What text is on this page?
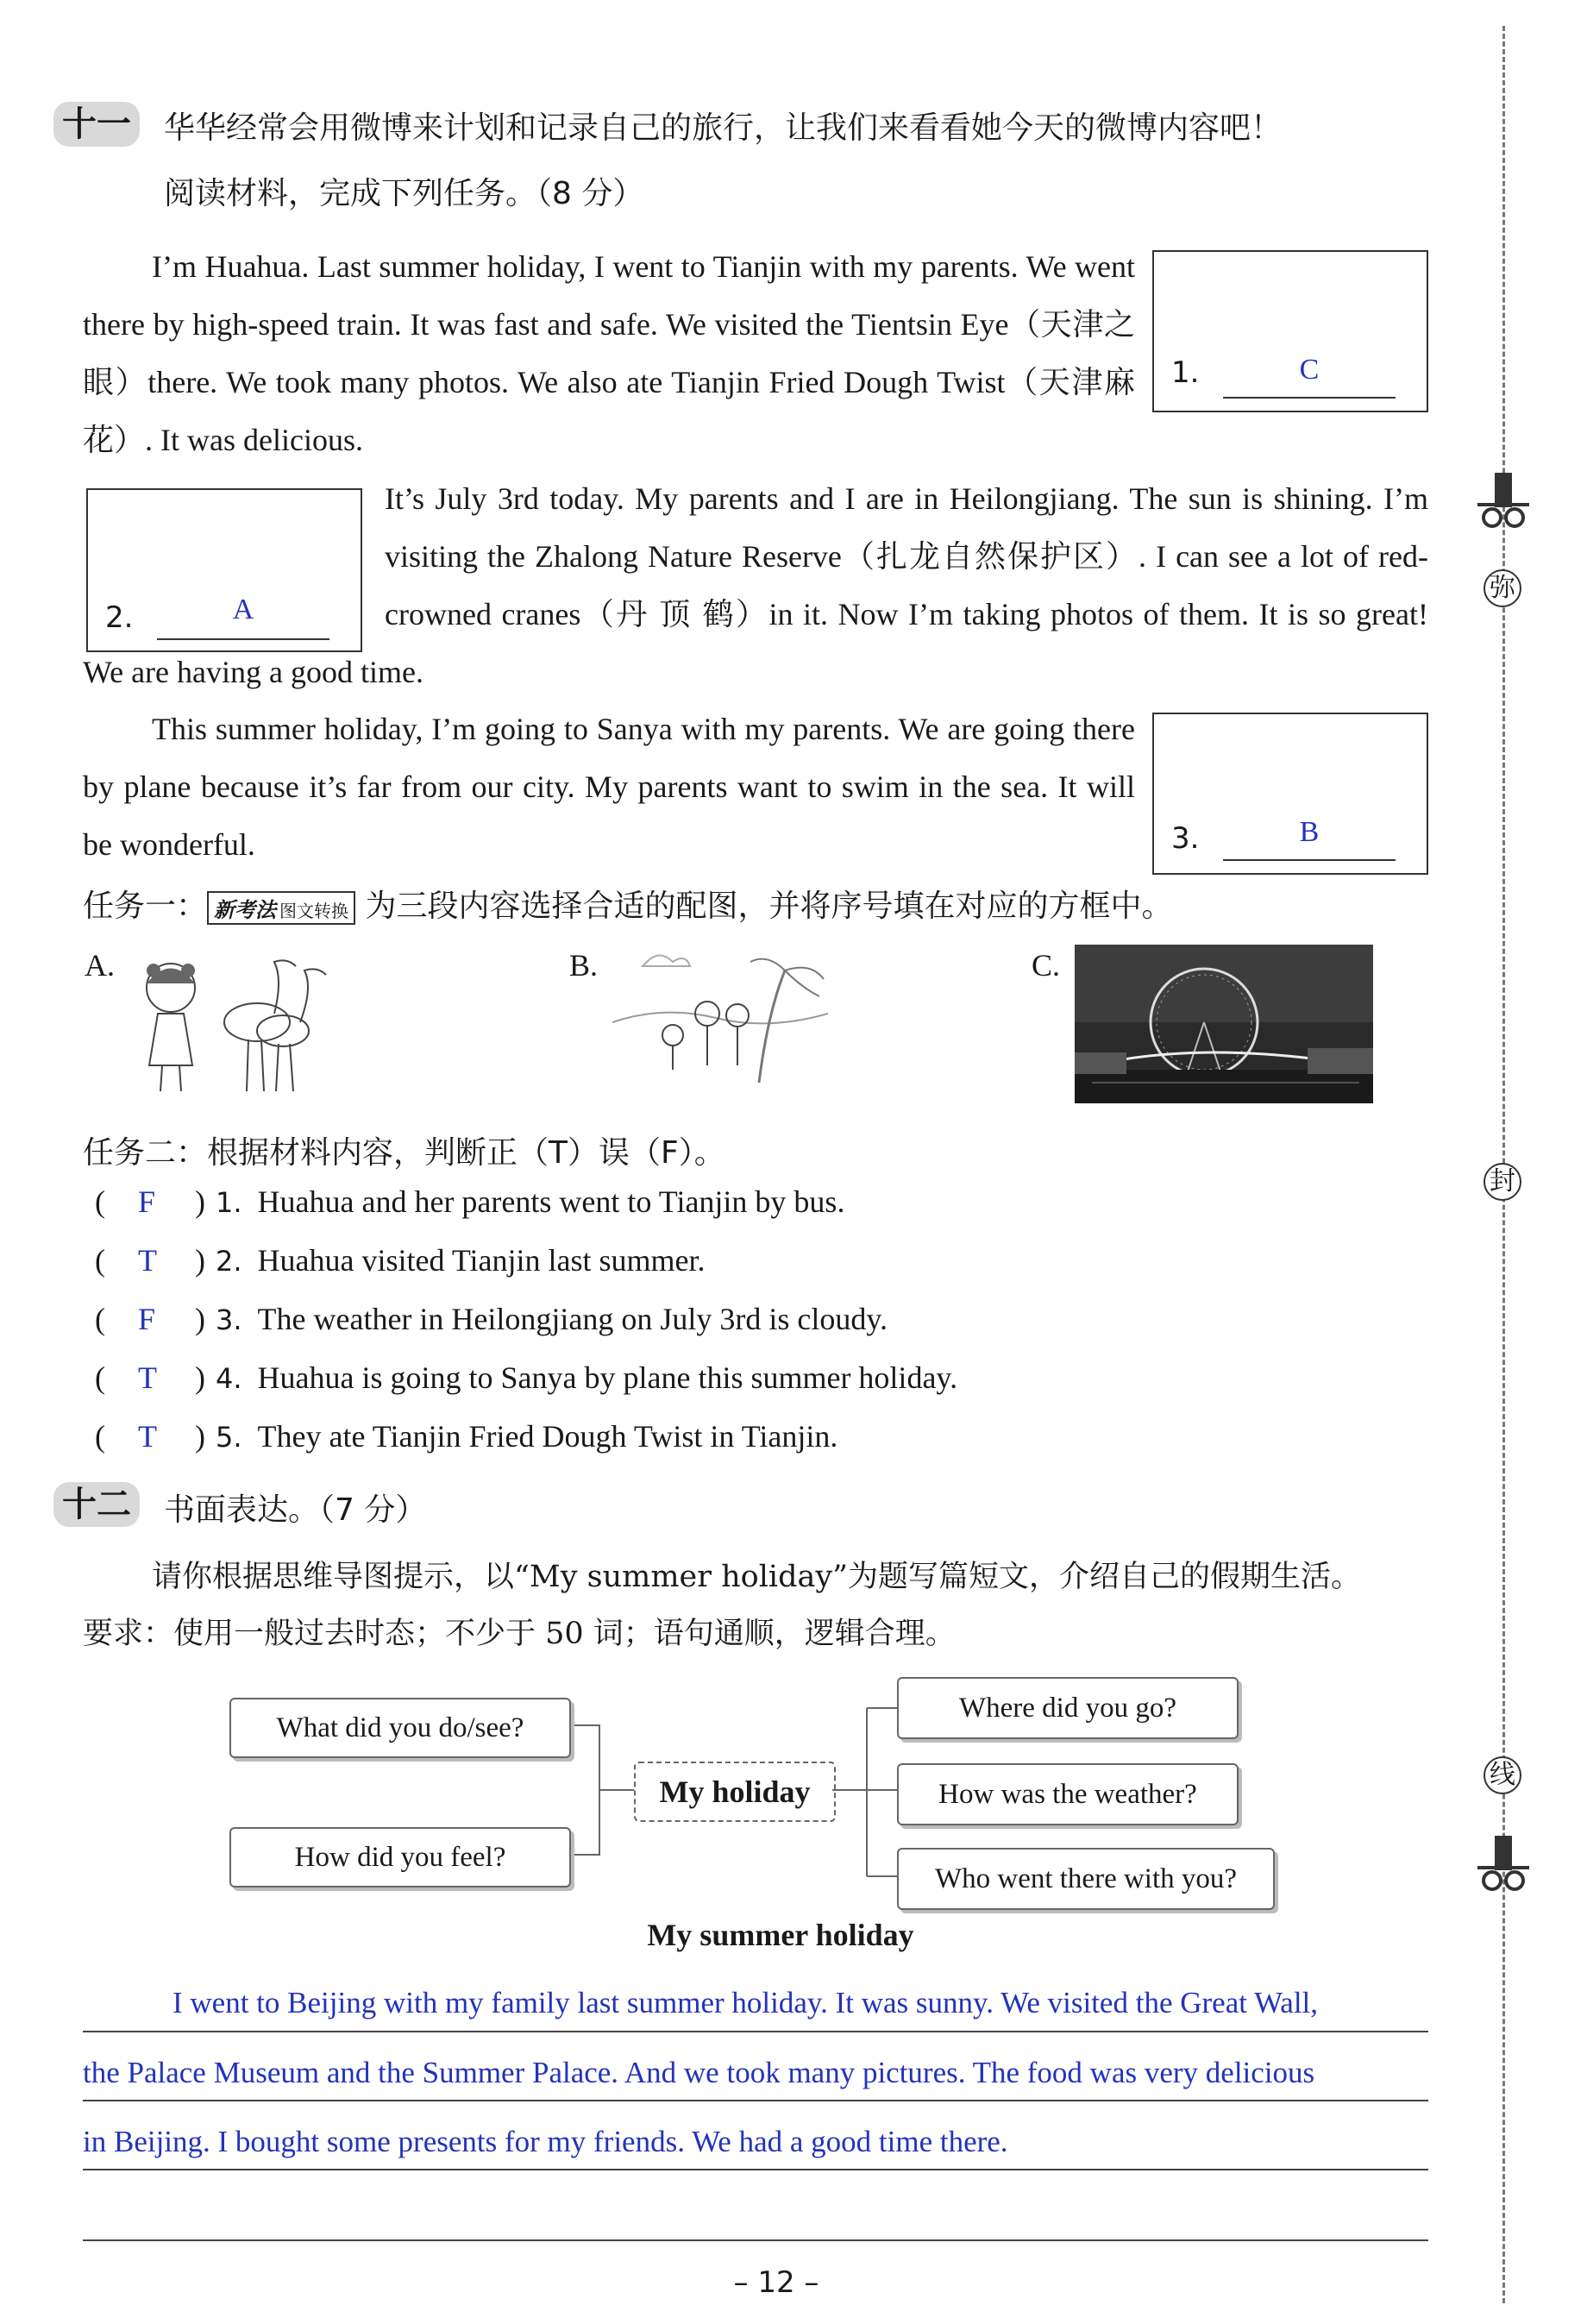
十一 华华经常会用微博来计划和记录自己的旅行，让我们来看看她今天的微博内容吧！
阅读材料，完成下列任务。（8 分）
I’m Huahua. Last summer holiday, I went to Tianjin with my parents. We went there by high-speed train. It was fast and safe. We visited the Tientsin Eye（天津之眼）there. We took many photos. We also ate Tianjin Fried Dough Twist（天津麻花）. It was delicious.
1.	C
2.	A
It’s July 3rd today. My parents and I are in Heilongjiang. The sun is shining. I’m visiting the Zhalong Nature Reserve（扎龙自然保护区）. I can see a lot of red-crowned cranes（丹 顶 鹤）in it. Now I’m taking photos of them. It is so great! We are having a good time.
This summer holiday, I’m going to Sanya with my parents. We are going there by plane because it’s far from our city. My parents want to swim in the sea. It will be wonderful.	3.	B
任务一： 新考法 图文转换 为三段内容选择合适的配图，并将序号填在对应的方框中。
A.	B.	C.
任务二：根据材料内容，判断正（T）误（F）。
( F ) 1. Huahua and her parents went to Tianjin by bus.
( T ) 2. Huahua visited Tianjin last summer.
( F ) 3. The weather in Heilongjiang on July 3rd is cloudy.
( T ) 4. Huahua is going to Sanya by plane this summer holiday.
( T ) 5. They ate Tianjin Fried Dough Twist in Tianjin.
十二 书面表达。（7 分）
请你根据思维导图提示，以“My summer holiday”为题写篇短文，介绍自己的假期生活。
要求：使用一般过去时态；不少于 50 词；语句通顺，逻辑合理。
What did you do/see?
How did you feel?
My holiday
Where did you go?
How was the weather?
Who went there with you?
My summer holiday
I went to Beijing with my family last summer holiday. It was sunny. We visited the Great Wall,
the Palace Museum and the Summer Palace. And we took many pictures. The food was very delicious
in Beijing. I bought some presents for my friends. We had a good time there.
– 12 –
弥
封
线
